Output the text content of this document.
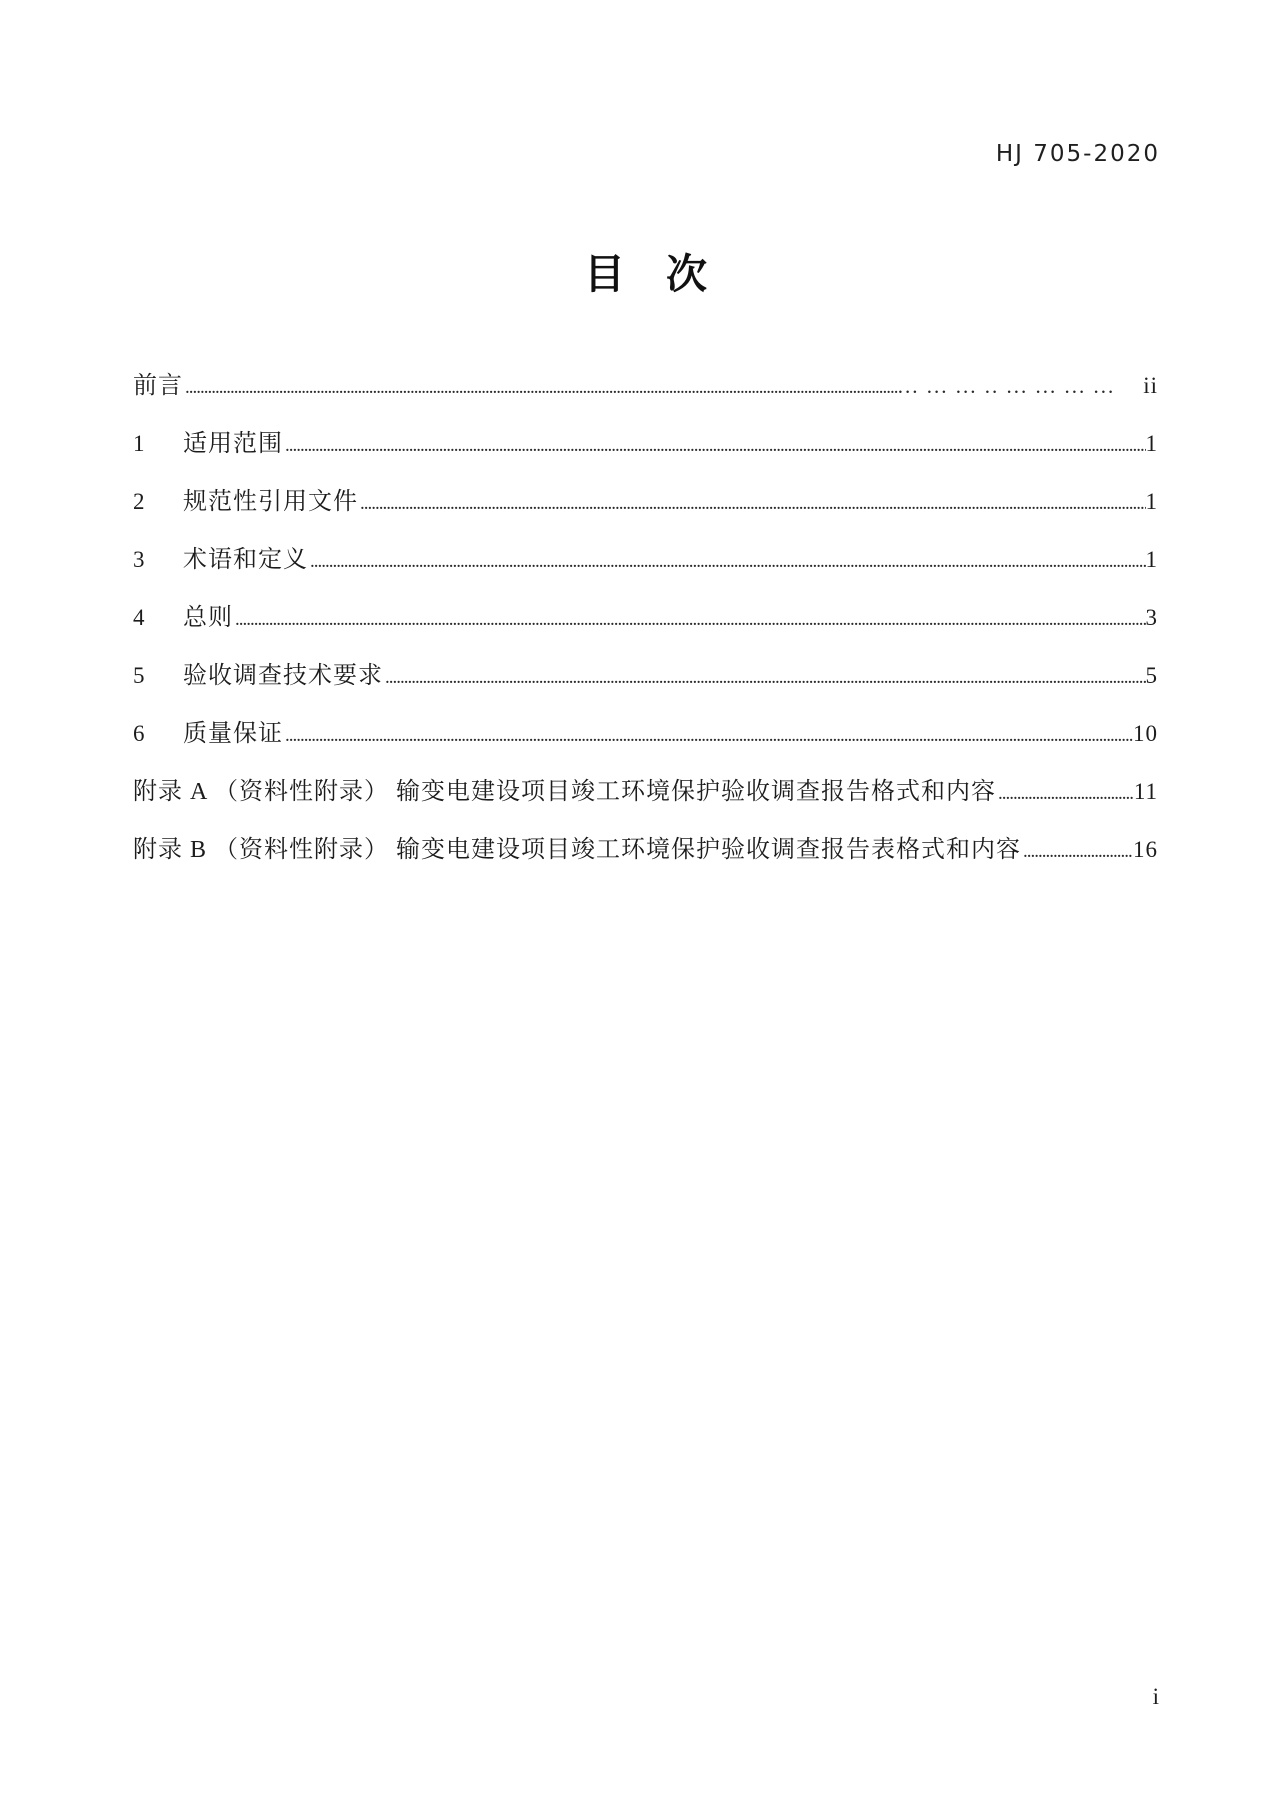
HJ 705-2020
目　次
前言 .....	... ... ... .. ... ... ... ... ii
1	适用范围 .....	1
2	规范性引用文件 .....	1
3	术语和定义 .....	1
4	总则 .....	3
5	验收调查技术要求 .....	5
6	质量保证 .....	10
附录 A （资料性附录） 输变电建设项目竣工环境保护验收调查报告格式和内容 .....	11
附录 B （资料性附录） 输变电建设项目竣工环境保护验收调查报告表格式和内容 .....	16
i
